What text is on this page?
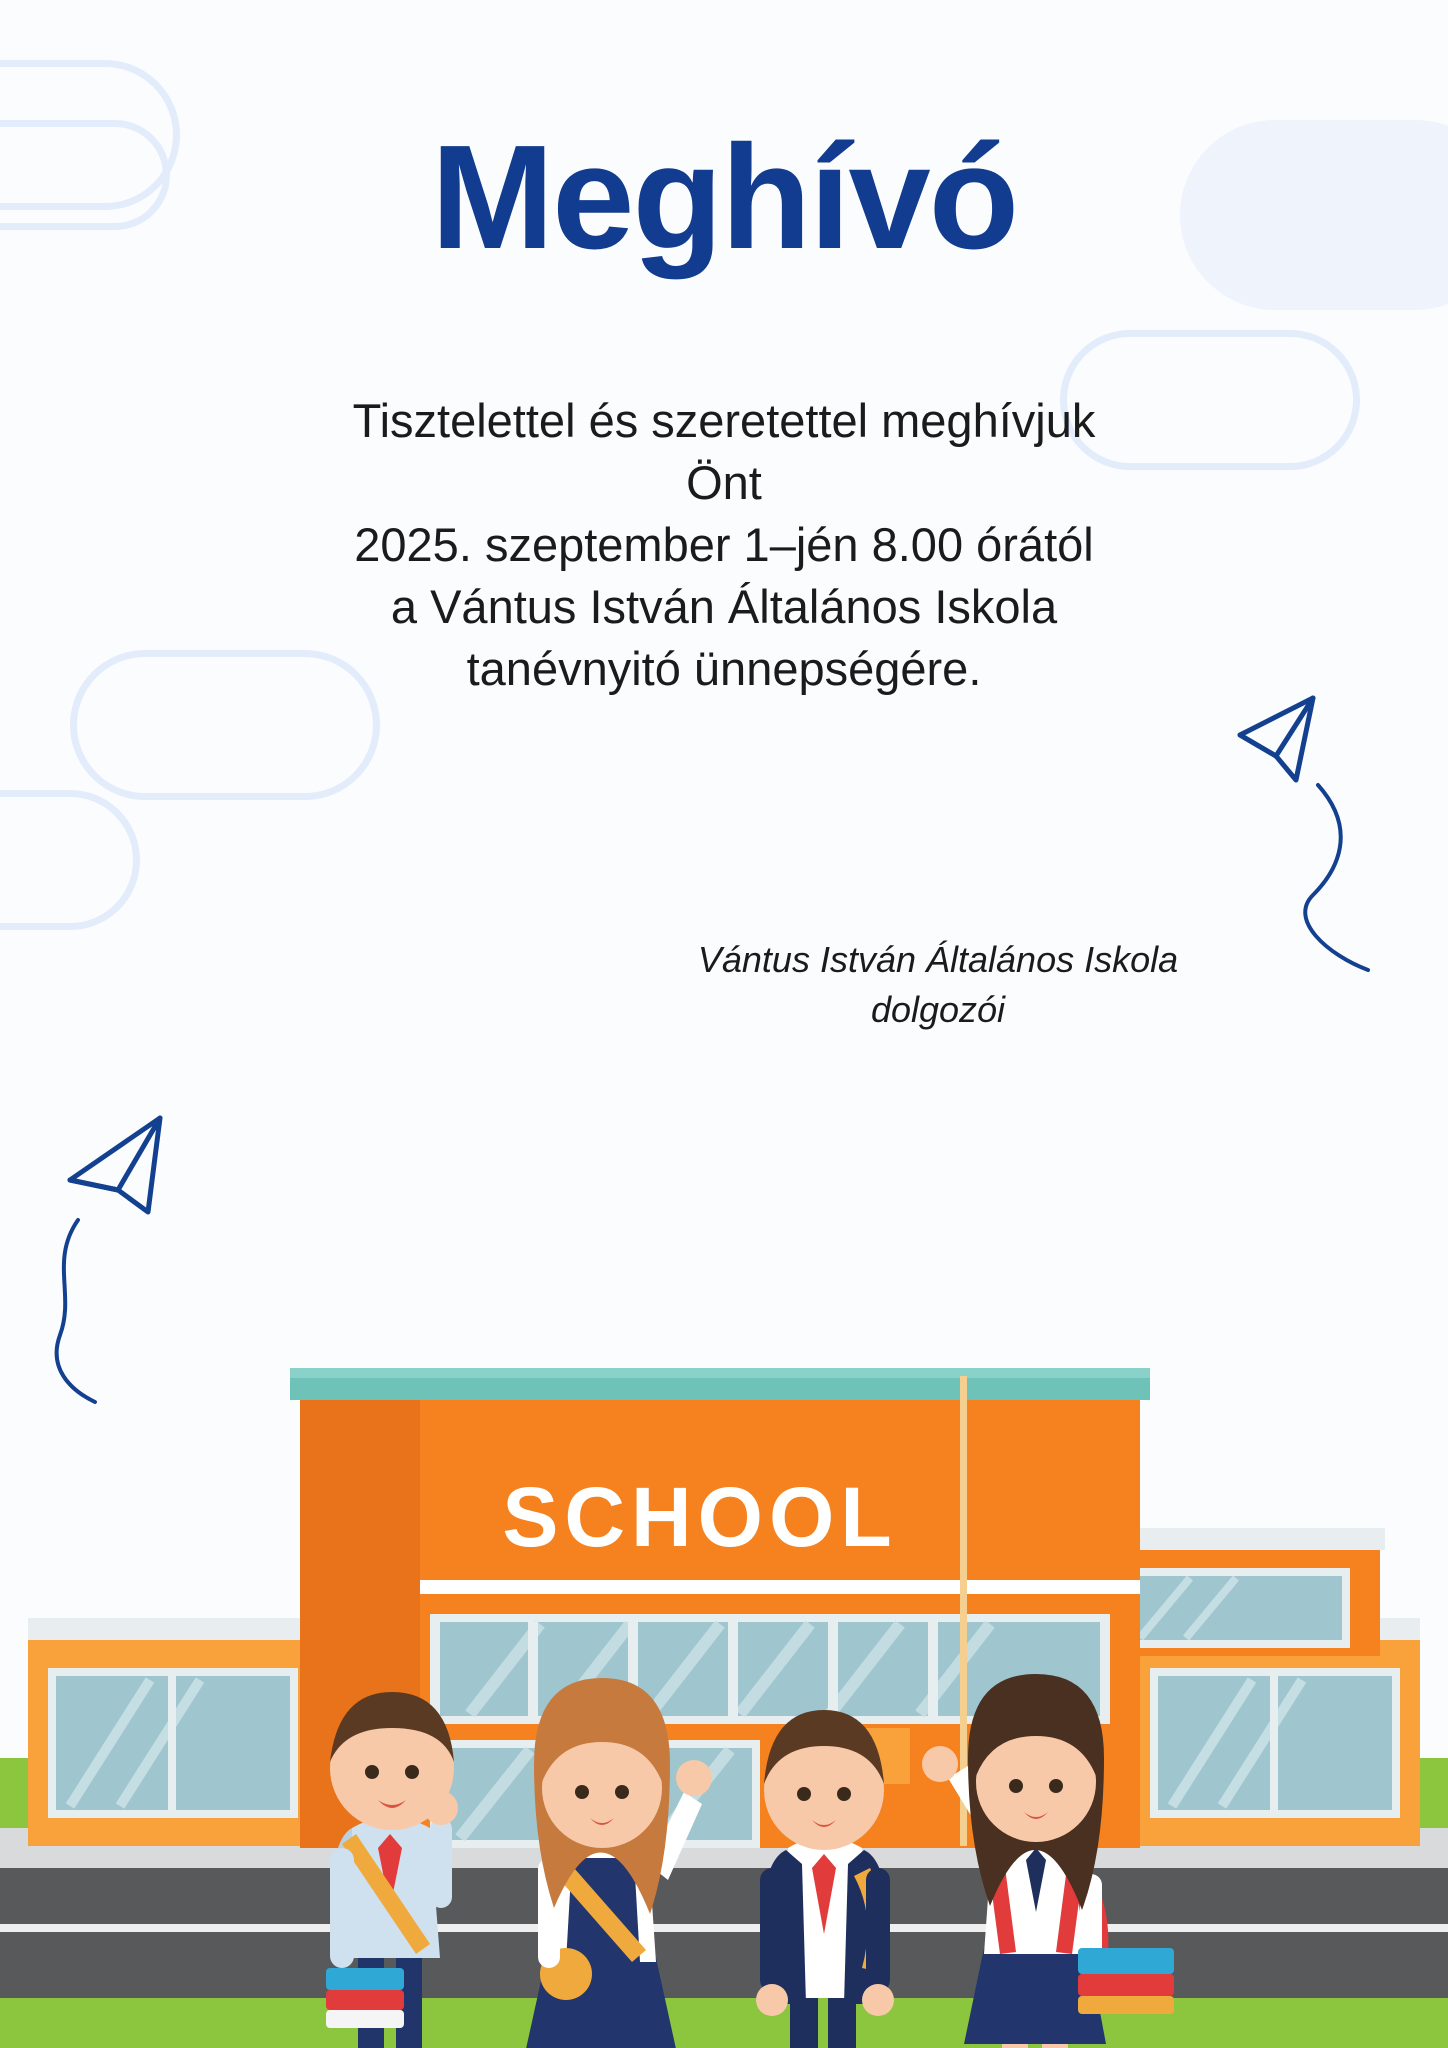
Meghívó
Tisztelettel és szeretettel meghívjuk
Önt
2025. szeptember 1–jén 8.00 órától
a Vántus István Általános Iskola
tanévnyitó ünnepségére.
Vántus István Általános Iskola
dolgozói
SCHOOL
